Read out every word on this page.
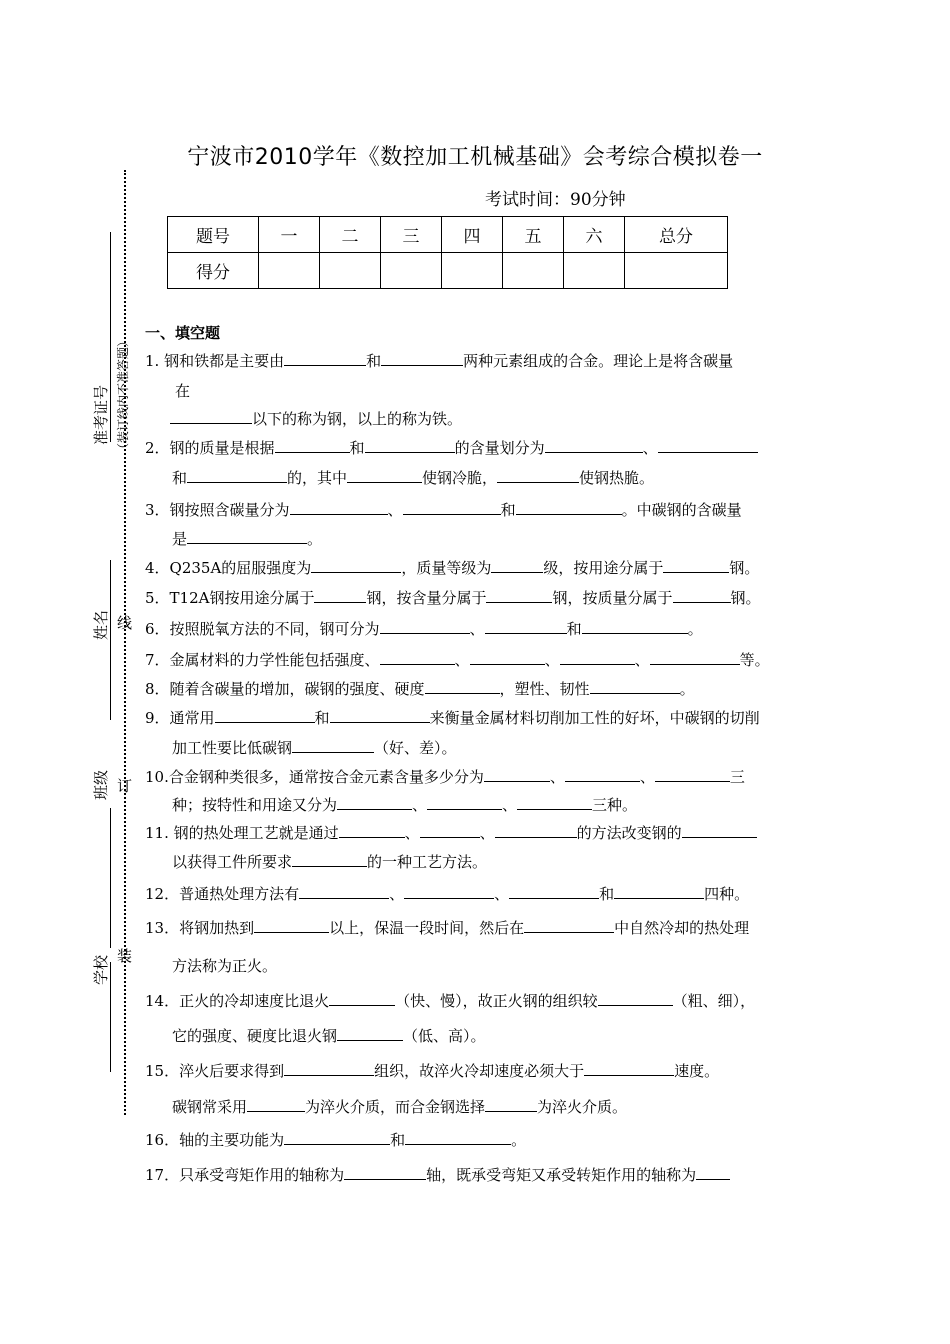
准考证号 （装订线内不准答题）
姓名
班级
学校
线
订
装
宁波市2010学年《数控加工机械基础》会考综合模拟卷一
考试时间：90分钟
题号	一	二	三	四	五	六	总分
得分							
一、填空题
1. 钢和铁都是主要由	和	两种元素组成的合金。理论上是将含碳量
在
以下的称为钢，以上的称为铁。
2．钢的质量是根据	和	的含量划分为	、
和	的，其中	使钢冷脆，	使钢热脆。
3．钢按照含碳量分为	、	和	。中碳钢的含碳量
是	。
4．Q235A的屈服强度为	，质量等级为	级，按用途分属于	钢。
5．T12A钢按用途分属于	钢，按含量分属于	钢，按质量分属于	钢。
6．按照脱氧方法的不同，钢可分为	、	和	。
7．金属材料的力学性能包括强度、	、	、	、	等。
8．随着含碳量的增加，碳钢的强度、硬度	，塑性、韧性	。
9．通常用	和	来衡量金属材料切削加工性的好坏，中碳钢的切削
加工性要比低碳钢	（好、差）。
10.合金钢种类很多，通常按合金元素含量多少分为	、	、	三
种；按特性和用途又分为	、	、	三种。
11. 钢的热处理工艺就是通过	、	、	的方法改变钢的
以获得工件所要求	的一种工艺方法。
12．普通热处理方法有	、	、	和	四种。
13．将钢加热到	以上，保温一段时间，然后在	中自然冷却的热处理
方法称为正火。
14．正火的冷却速度比退火	（快、慢），故正火钢的组织较	（粗、细），
它的强度、硬度比退火钢	（低、高）。
15．淬火后要求得到	组织，故淬火冷却速度必须大于	速度。
碳钢常采用	为淬火介质，而合金钢选择	为淬火介质。
16．轴的主要功能为	和	。
17．只承受弯矩作用的轴称为	轴，既承受弯矩又承受转矩作用的轴称为
